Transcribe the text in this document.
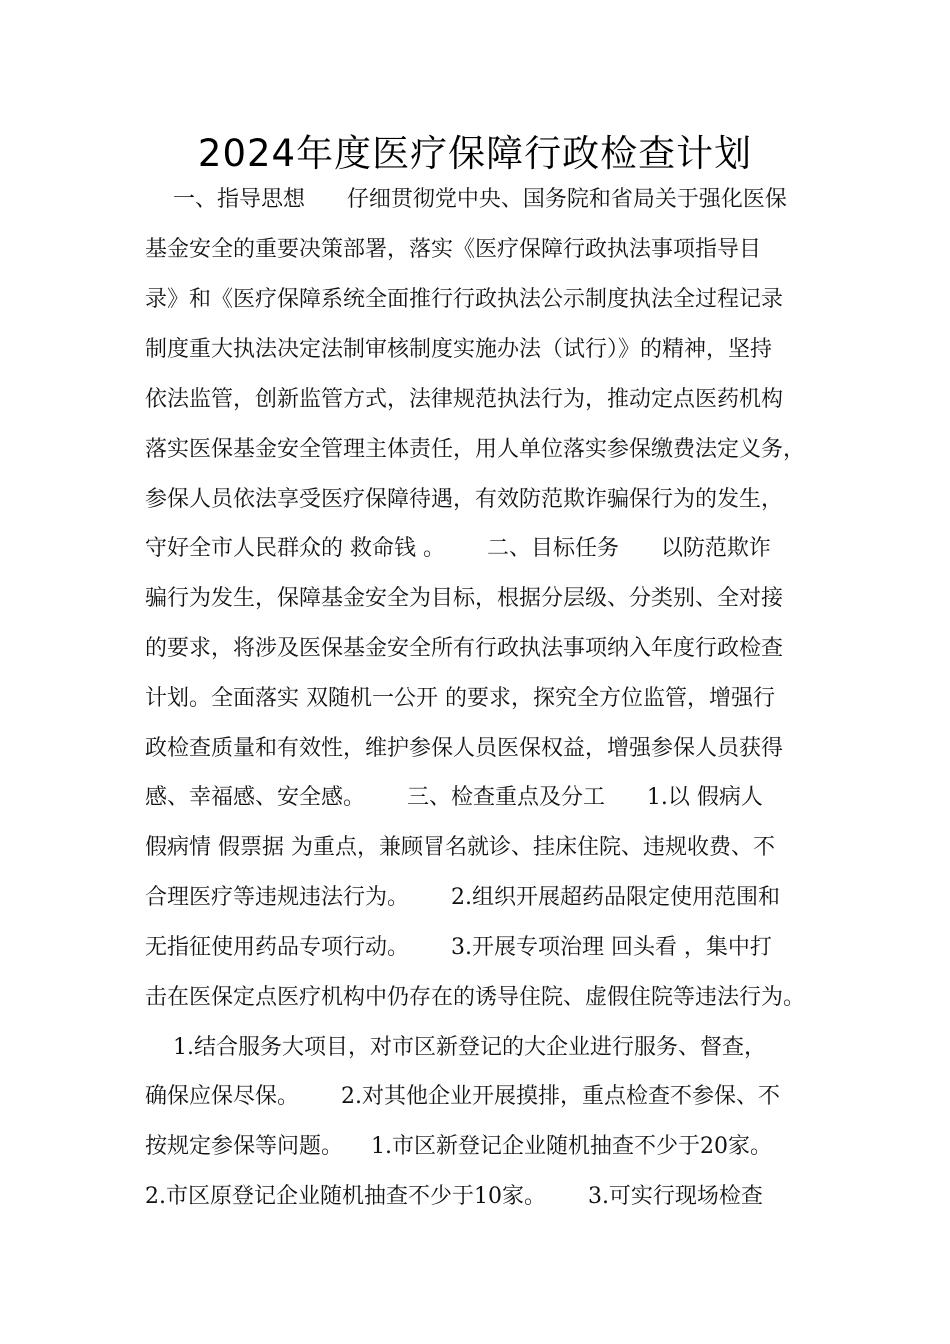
2024年度医疗保障行政检查计划
一、指导思想      仔细贯彻党中央、国务院和省局关于强化医保
基金安全的重要决策部署，落实《医疗保障行政执法事项指导目
录》和《医疗保障系统全面推行行政执法公示制度执法全过程记录
制度重大执法决定法制审核制度实施办法（试行）》的精神，坚持
依法监管，创新监管方式，法律规范执法行为，推动定点医药机构
落实医保基金安全管理主体责任，用人单位落实参保缴费法定义务，
参保人员依法享受医疗保障待遇，有效防范欺诈骗保行为的发生，
守好全市人民群众的 救命钱 。      二、目标任务      以防范欺诈
骗行为发生，保障基金安全为目标，根据分层级、分类别、全对接
的要求，将涉及医保基金安全所有行政执法事项纳入年度行政检查
计划。全面落实 双随机一公开 的要求，探究全方位监管，增强行
政检查质量和有效性，维护参保人员医保权益，增强参保人员获得
感、幸福感、安全感。      三、检查重点及分工      1.以 假病人
假病情 假票据 为重点，兼顾冒名就诊、挂床住院、违规收费、不
合理医疗等违规违法行为。      2.组织开展超药品限定使用范围和
无指征使用药品专项行动。      3.开展专项治理 回头看 ，集中打
击在医保定点医疗机构中仍存在的诱导住院、虚假住院等违法行为。
1.结合服务大项目，对市区新登记的大企业进行服务、督查，
确保应保尽保。      2.对其他企业开展摸排，重点检查不参保、不
按规定参保等问题。    1.市区新登记企业随机抽查不少于20家。
2.市区原登记企业随机抽查不少于10家。      3.可实行现场检查
